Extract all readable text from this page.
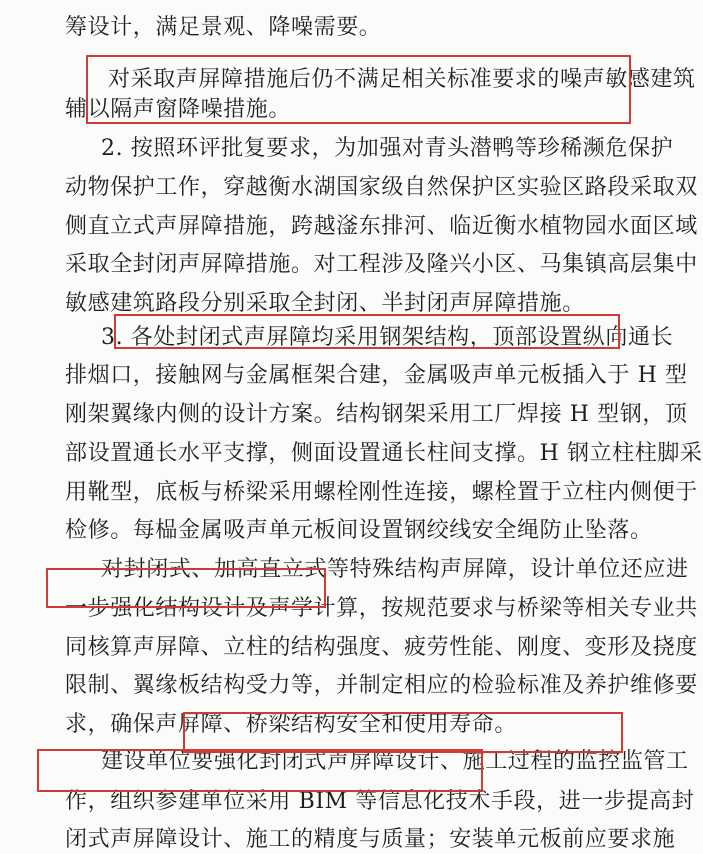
筹设计，满足景观、降噪需要。
对采取声屏障措施后仍不满足相关标准要求的噪声敏感建筑
辅以隔声窗降噪措施。
2. 按照环评批复要求，为加强对青头潜鸭等珍稀濒危保护
动物保护工作，穿越衡水湖国家级自然保护区实验区路段采取双
侧直立式声屏障措施，跨越滏东排河、临近衡水植物园水面区域
采取全封闭声屏障措施。对工程涉及隆兴小区、马集镇高层集中
敏感建筑路段分别采取全封闭、半封闭声屏障措施。
3. 各处封闭式声屏障均采用钢架结构，顶部设置纵向通长
排烟口，接触网与金属框架合建，金属吸声单元板插入于 H 型
刚架翼缘内侧的设计方案。结构钢架采用工厂焊接 H 型钢，顶
部设置通长水平支撑，侧面设置通长柱间支撑。H 钢立柱柱脚采
用靴型，底板与桥梁采用螺栓刚性连接，螺栓置于立柱内侧便于
检修。每榀金属吸声单元板间设置钢绞线安全绳防止坠落。
对封闭式、加高直立式等特殊结构声屏障，设计单位还应进
一步强化结构设计及声学计算，按规范要求与桥梁等相关专业共
同核算声屏障、立柱的结构强度、疲劳性能、刚度、变形及挠度
限制、翼缘板结构受力等，并制定相应的检验标准及养护维修要
求，确保声屏障、桥梁结构安全和使用寿命。
建设单位要强化封闭式声屏障设计、施工过程的监控监管工
作，组织参建单位采用 BIM 等信息化技术手段，进一步提高封
闭式声屏障设计、施工的精度与质量；安装单元板前应要求施
